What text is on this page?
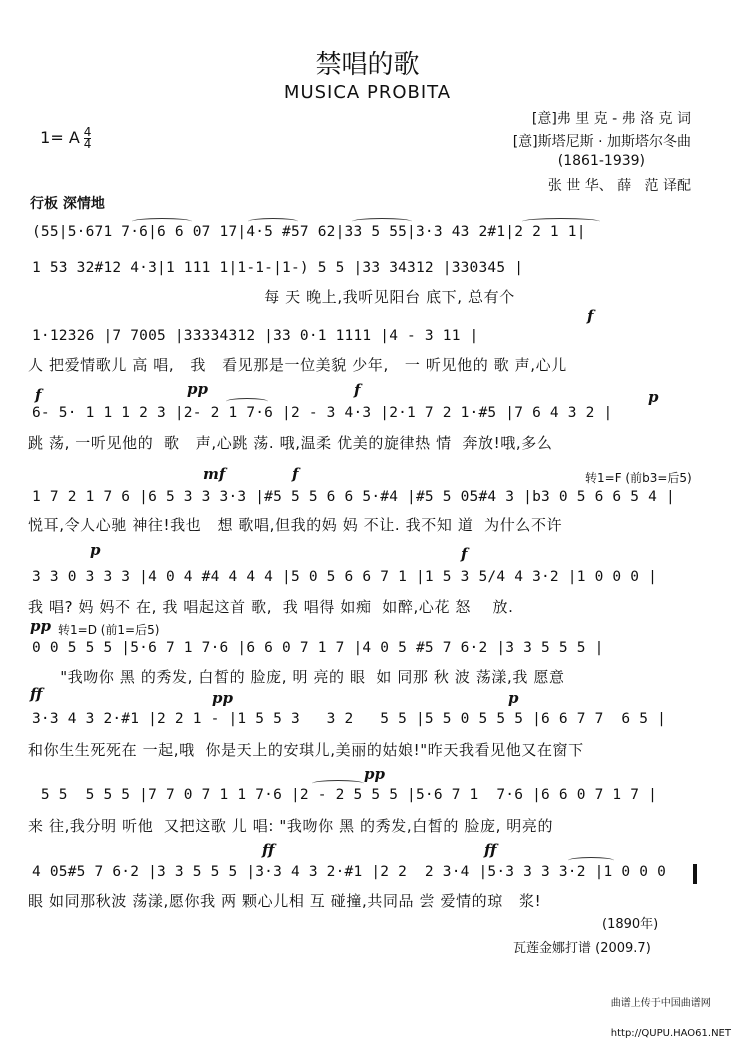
禁唱的歌
MUSICA PROBITA

1= A $\frac{4}{4}$

[意]弗 里 克 - 弗 洛 克 词
[意]斯塔尼斯 · 加斯塔尔冬曲
(1861-1939)
张 世 华、 薛   范 译配
行板 深情地
f
f	pp	f	p
mf	f
p	f
pp
ff	pp	p
pp
ff	ff
转1=F (前b3=后5)
转1=D (前1=后5)
(55|5·671 7·6|6 6 07 17|4·5 #57 62|33 5 55|3·3 43 2#1|2 2 1 1|
1 53 32#12 4·3|1 111 1|1-1-|1-) 5 5 |33 34312 |330345 |
每 天 晚上,我听见阳台 底下, 总有个
1·12326 |7 7005 |33334312 |33 0·1 1111 |4 - 3 11 |
人 把爱情歌儿 高 唱,   我   看见那是一位美貌 少年,   一 听见他的 歌 声,心儿
6- 5· 1 1 1 2 3 |2- 2 1 7·6 |2 - 3 4·3 |2·1 7 2 1·#5 |7 6 4 3 2 |
跳 荡, 一听见他的  歌   声,心跳 荡. 哦,温柔 优美的旋律热 情  奔放!哦,多么
1 7 2 1 7 6 |6 5 3 3 3·3 |#5 5 5 6 6 5·#4 |#5 5 05#4 3 |b3 0 5 6 6 5 4 |
悦耳,令人心驰 神往!我也   想 歌唱,但我的妈 妈 不让. 我不知 道  为什么不许
3 3 0 3 3 3 |4 0 4 #4 4 4 4 |5 0 5 6 6 7 1 |1 5 3 5/4 4 3·2 |1 0 0 0 |
我 唱? 妈 妈不 在, 我 唱起这首 歌,  我 唱得 如痴  如醉,心花 怒    放.
0 0 5 5 5 |5·6 7 1 7·6 |6 6 0 7 1 7 |4 0 5 #5 7 6·2 |3 3 5 5 5 |
"我吻你 黑 的秀发, 白皙的 脸庞, 明 亮的 眼  如 同那 秋 波 荡漾,我 愿意
3·3 4 3 2·#1 |2 2 1 - |1 5 5 3   3 2   5 5 |5 5 0 5 5 5 |6 6 7 7  6 5 |
和你生生死死在 一起,哦  你是天上的安琪儿,美丽的姑娘!"昨天我看见他又在窗下
5 5  5 5 5 |7 7 0 7 1 1 7·6 |2 - 2 5 5 5 |5·6 7 1  7·6 |6 6 0 7 1 7 |
来 往,我分明 听他  又把这歌 儿 唱: "我吻你 黑 的秀发,白皙的 脸庞, 明亮的
4 05#5 7 6·2 |3 3 5 5 5 |3·3 4 3 2·#1 |2 2  2 3·4 |5·3 3 3 3·2 |1 0 0 0
眼 如同那秋波 荡漾,愿你我 两 颗心儿相 互 碰撞,共同品 尝 爱情的琼   浆!
(1890年)
瓦莲金娜打谱 (2009.7)

曲谱上传于中国曲谱网

http://QUPU.HAO61.NET
